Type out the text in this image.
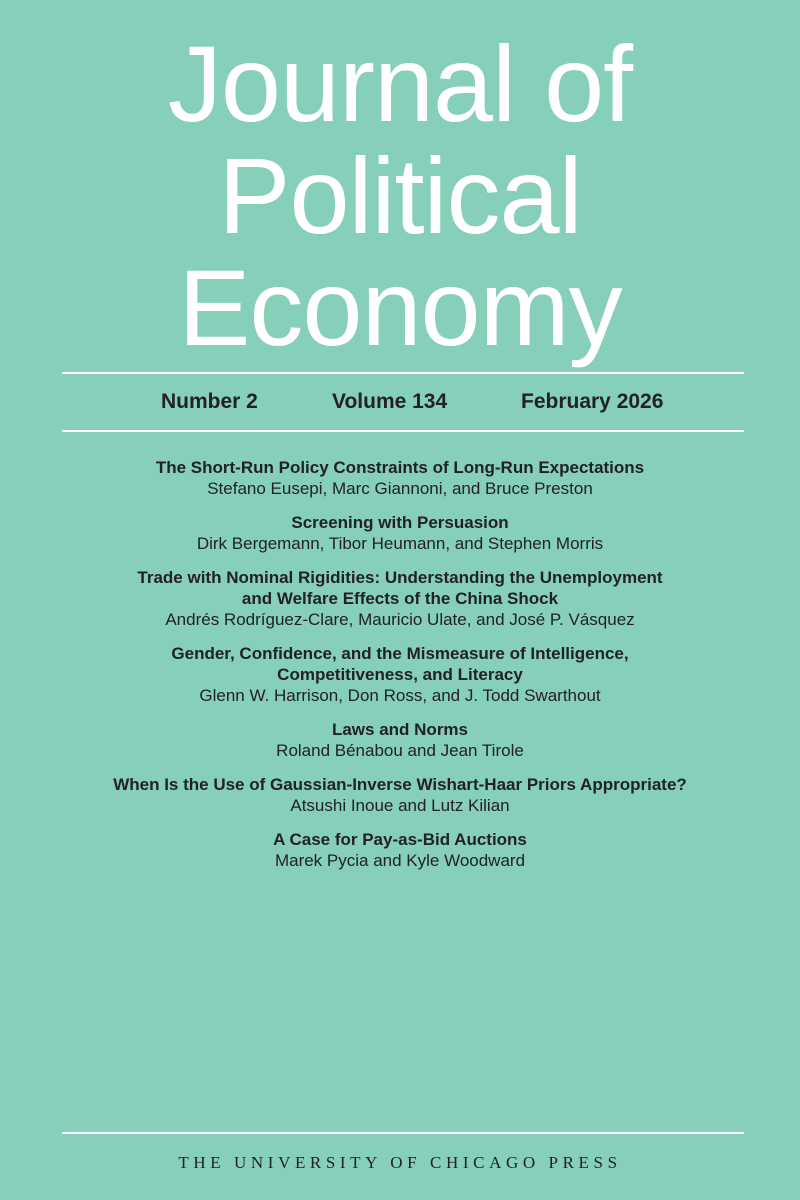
Journal of
Political
Economy
Number 2	Volume 134	February 2026
The Short-Run Policy Constraints of Long-Run Expectations
Stefano Eusepi, Marc Giannoni, and Bruce Preston
Screening with Persuasion
Dirk Bergemann, Tibor Heumann, and Stephen Morris
Trade with Nominal Rigidities: Understanding the Unemployment
and Welfare Effects of the China Shock
Andrés Rodríguez-Clare, Mauricio Ulate, and José P. Vásquez
Gender, Confidence, and the Mismeasure of Intelligence,
Competitiveness, and Literacy
Glenn W. Harrison, Don Ross, and J. Todd Swarthout
Laws and Norms
Roland Bénabou and Jean Tirole
When Is the Use of Gaussian-Inverse Wishart-Haar Priors Appropriate?
Atsushi Inoue and Lutz Kilian
A Case for Pay-as-Bid Auctions
Marek Pycia and Kyle Woodward
THE UNIVERSITY OF CHICAGO PRESS
